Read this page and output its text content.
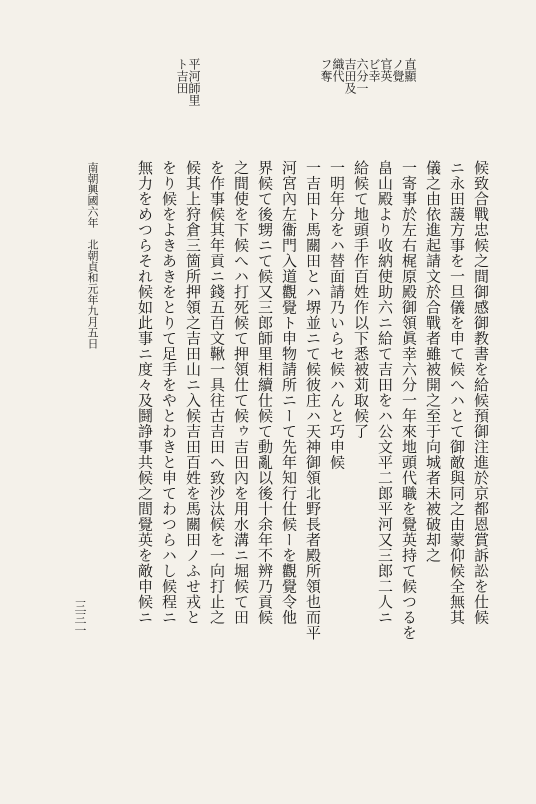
直顯
ノ覺
官英
ビ幸
六分一
吉田及
織代
フ奪
平河師里
ト吉田
候致合戰忠候之間御感御教書を給候預御注進於京都恩賞訴訟を仕候
ニ永田蘐方事を一旦儀を申て候へハとて御敵與同之由蒙仰候全無其
儀之由依進起請文於合戰者雖被開之至于向城者未被破却之
一寄事於左右梶原殿御領眞幸六分一年來地頭代職を覺英持て候つるを
畠山殿より收納使助六ニ給て吉田をハ公文平二郎平河又三郎二人ニ
給候て地頭手作百姓作以下悉被苅取候了
一明年分をハ替面請乃いらセ候ハんと巧申候
一吉田ト馬關田とハ堺並ニて候彼庄ハ天神御領北野長者殿所領也而平
河宮內左衞門入道觀覺ト申物請所ニーて先年知行仕候ーを觀覺令他
界候て後甥ニて候又三郎師里相續仕候て動亂以後十余年不辨乃貢候
之間使を下候へハ打死候て押領仕て候ゥ吉田內を用水溝ニ堀候て田
を作事候其年貢ニ錢五百文鞦一具往古吉田へ致沙汰候を一向打止之
候其上狩倉三箇所押領之吉田山ニ入候吉田百姓を馬關田ノふせ戎と
をり候をよきあきをとりて足手をやとわきと申てわつらハし候程ニ
無力をめつらそれ候如此事ニ度々及鬪諍事共候之間覺英を敵申候ニ
南朝興國六年　北朝貞和元年九月五日
三三一
